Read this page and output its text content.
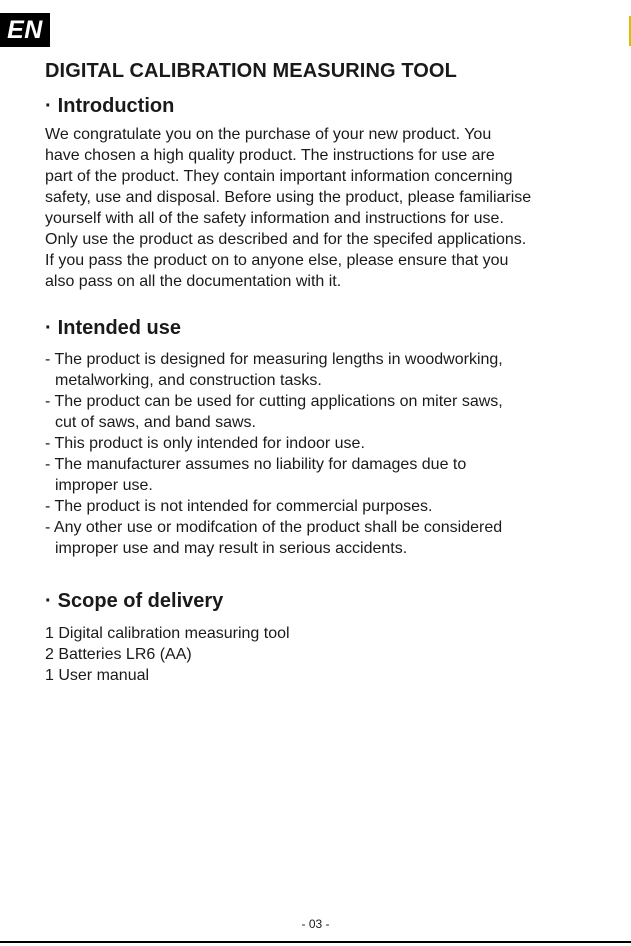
EN
DIGITAL CALIBRATION MEASURING TOOL
· Introduction
We congratulate you on the purchase of your new product. You
have chosen a high quality product. The instructions for use are
part of the product. They contain important information concerning
safety, use and disposal. Before using the product, please familiarise
yourself with all of the safety information and instructions for use.
Only use the product as described and for the specifed applications.
If you pass the product on to anyone else, please ensure that you
also pass on all the documentation with it.
· Intended use
- The product is designed for measuring lengths in woodworking,
metalworking, and construction tasks.
- The product can be used for cutting applications on miter saws,
cut of saws, and band saws.
- This product is only intended for indoor use.
- The manufacturer assumes no liability for damages due to
improper use.
- The product is not intended for commercial purposes.
- Any other use or modifcation of the product shall be considered
improper use and may result in serious accidents.
· Scope of delivery
1 Digital calibration measuring tool
2 Batteries LR6 (AA)
1 User manual
- 03 -
